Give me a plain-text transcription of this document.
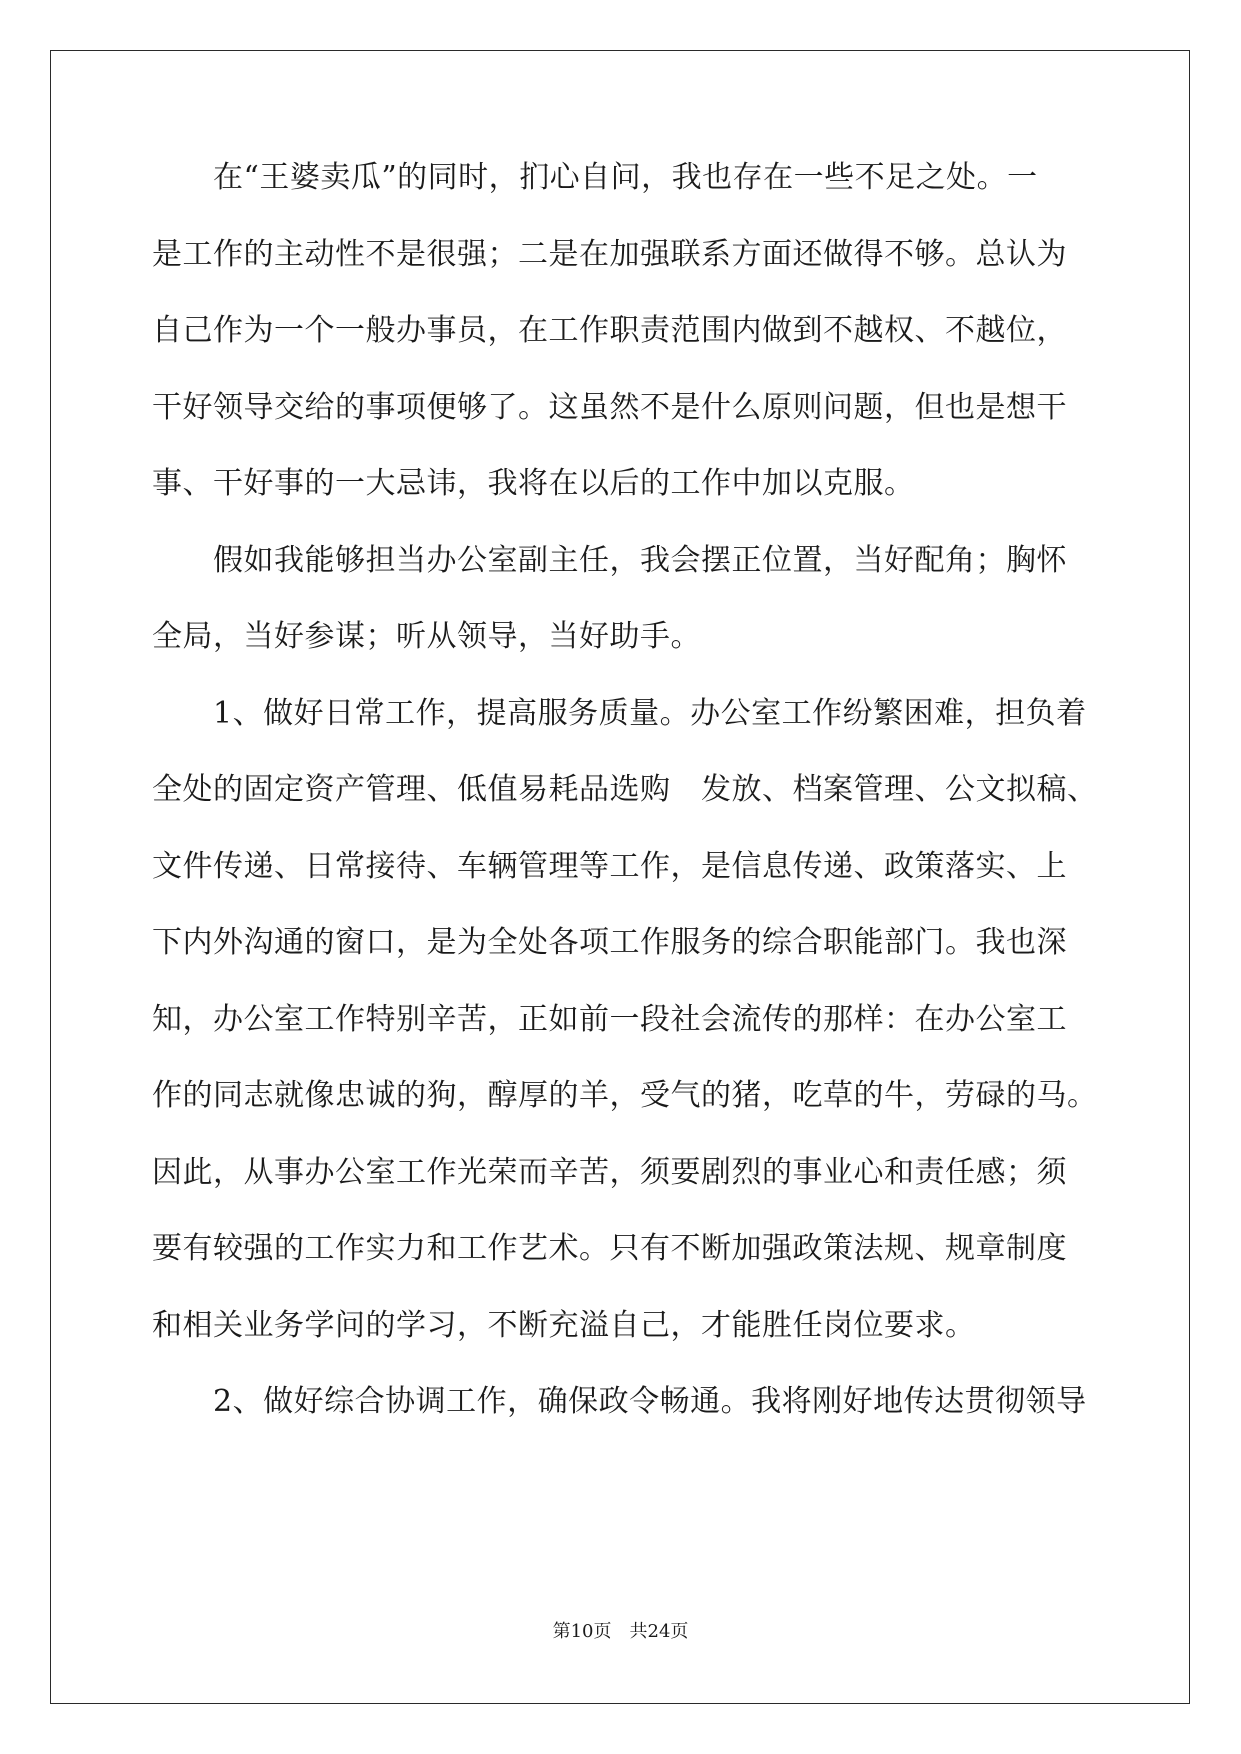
　　在“王婆卖瓜”的同时，扪心自问，我也存在一些不足之处。一
是工作的主动性不是很强；二是在加强联系方面还做得不够。总认为
自己作为一个一般办事员，在工作职责范围内做到不越权、不越位，
干好领导交给的事项便够了。这虽然不是什么原则问题，但也是想干
事、干好事的一大忌讳，我将在以后的工作中加以克服。
　　假如我能够担当办公室副主任，我会摆正位置，当好配角；胸怀
全局，当好参谋；听从领导，当好助手。
　　1、做好日常工作，提高服务质量。办公室工作纷繁困难，担负着
全处的固定资产管理、低值易耗品选购　发放、档案管理、公文拟稿、
文件传递、日常接待、车辆管理等工作，是信息传递、政策落实、上
下内外沟通的窗口，是为全处各项工作服务的综合职能部门。我也深
知，办公室工作特别辛苦，正如前一段社会流传的那样：在办公室工
作的同志就像忠诚的狗，醇厚的羊，受气的猪，吃草的牛，劳碌的马。
因此，从事办公室工作光荣而辛苦，须要剧烈的事业心和责任感；须
要有较强的工作实力和工作艺术。只有不断加强政策法规、规章制度
和相关业务学问的学习，不断充溢自己，才能胜任岗位要求。
　　2、做好综合协调工作，确保政令畅通。我将刚好地传达贯彻领导
第10页　共24页
